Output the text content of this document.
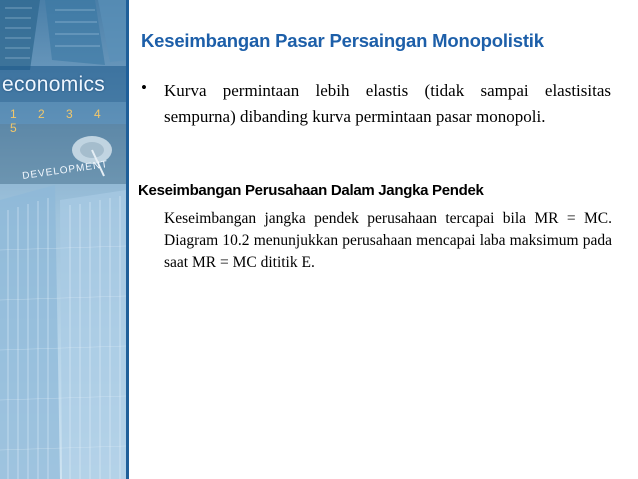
economics
1 2 3 4 5
DEVELOPMENT
Keseimbangan Pasar Persaingan Monopolistik
• Kurva permintaan lebih elastis (tidak sampai elastisitas sempurna) dibanding kurva permintaan pasar monopoli.

Keseimbangan Perusahaan Dalam Jangka Pendek

Keseimbangan jangka pendek perusahaan tercapai bila MR = MC. Diagram 10.2 menunjukkan perusahaan mencapai laba maksimum pada saat MR = MC dititik E.
